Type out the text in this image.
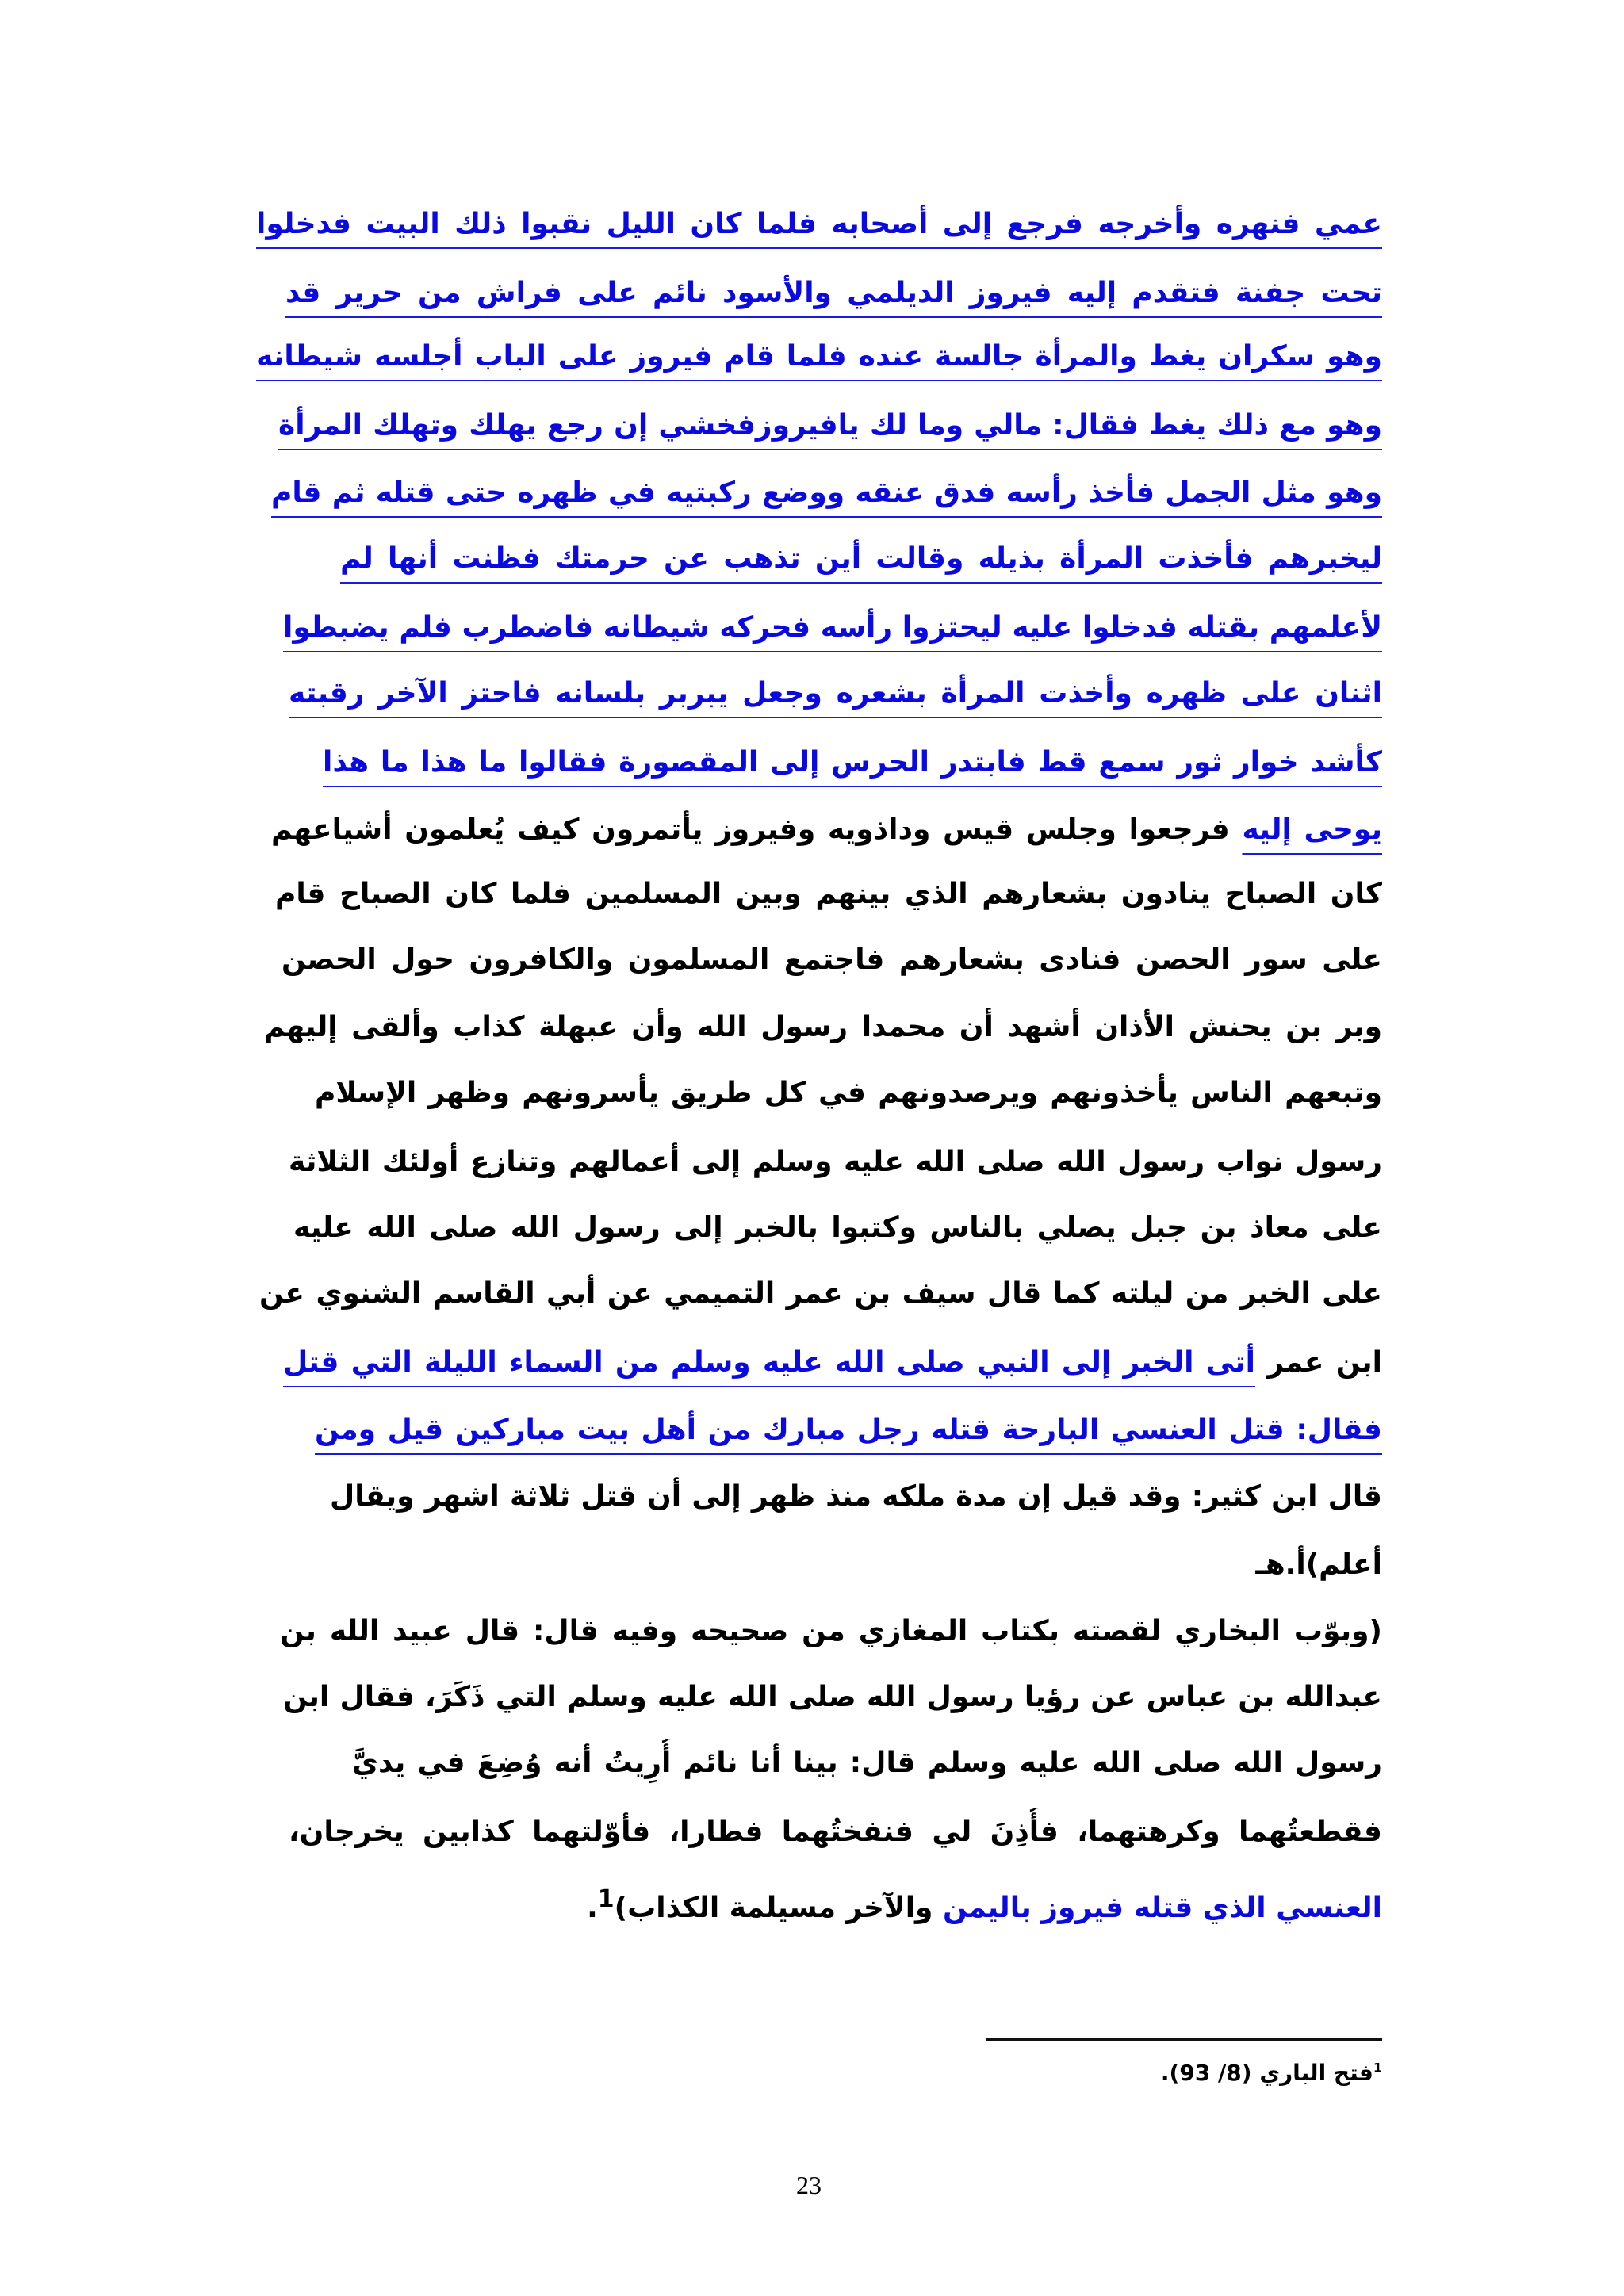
عمي فنهره وأخرجه فرجع إلى أصحابه فلما كان الليل نقبوا ذلك البيت فدخلوا
تحت جفنة فتقدم إليه فيروز الديلمي والأسود نائم على فراش من حرير قد
وهو سكران يغط والمرأة جالسة عنده فلما قام فيروز على الباب أجلسه شيطانه
وهو مع ذلك يغط فقال: مالي وما لك يافيروزفخشي إن رجع يهلك وتهلك المرأة
وهو مثل الجمل فأخذ رأسه فدق عنقه ووضع ركبتيه في ظهره حتى قتله ثم قام
ليخبرهم فأخذت المرأة بذيله وقالت أين تذهب عن حرمتك فظنت أنها لم
لأعلمهم بقتله فدخلوا عليه ليحتزوا رأسه فحركه شيطانه فاضطرب فلم يضبطوا
اثنان على ظهره وأخذت المرأة بشعره وجعل يبربر بلسانه فاحتز الآخر رقبته
كأشد خوار ثور سمع قط فابتدر الحرس إلى المقصورة فقالوا ما هذا ما هذا
يوحى إليه فرجعوا وجلس قيس وداذويه وفيروز يأتمرون كيف يُعلمون أشياعهم
كان الصباح ينادون بشعارهم الذي بينهم وبين المسلمين فلما كان الصباح قام
على سور الحصن فنادى بشعارهم فاجتمع المسلمون والكافرون حول الحصن
وبر بن يحنش الأذان أشهد أن محمدا رسول الله وأن عبهلة كذاب وألقى إليهم
وتبعهم الناس يأخذونهم ويرصدونهم في كل طريق يأسرونهم وظهر الإسلام
رسول نواب رسول الله صلى الله عليه وسلم إلى أعمالهم وتنازع أولئك الثلاثة
على معاذ بن جبل يصلي بالناس وكتبوا بالخبر إلى رسول الله صلى الله عليه
على الخبر من ليلته كما قال سيف بن عمر التميمي عن أبي القاسم الشنوي عن
ابن عمر أتى الخبر إلى النبي صلى الله عليه وسلم من السماء الليلة التي قتل
فقال: قتل العنسي البارحة قتله رجل مبارك من أهل بيت مباركين قيل ومن
قال ابن كثير: وقد قيل إن مدة ملكه منذ ظهر إلى أن قتل ثلاثة اشهر ويقال
أعلم)أ.هـ
(وبوّب البخاري لقصته بكتاب المغازي من صحيحه وفيه قال: قال عبيد الله بن
عبدالله بن عباس عن رؤيا رسول الله صلى الله عليه وسلم التي ذَكَرَ، فقال ابن
رسول الله صلى الله عليه وسلم قال: بينا أنا نائم أُرِيتُ أنه وُضِعَ في يديَّ
فقطعتُهما وكرهتهما، فأُذِنَ لي فنفختُهما فطارا، فأوّلتهما كذابين يخرجان،
العنسي الذي قتله فيروز باليمن والآخر مسيلمة الكذاب)$^1$.
$^1$فتح الباري (8/ 93).
23
